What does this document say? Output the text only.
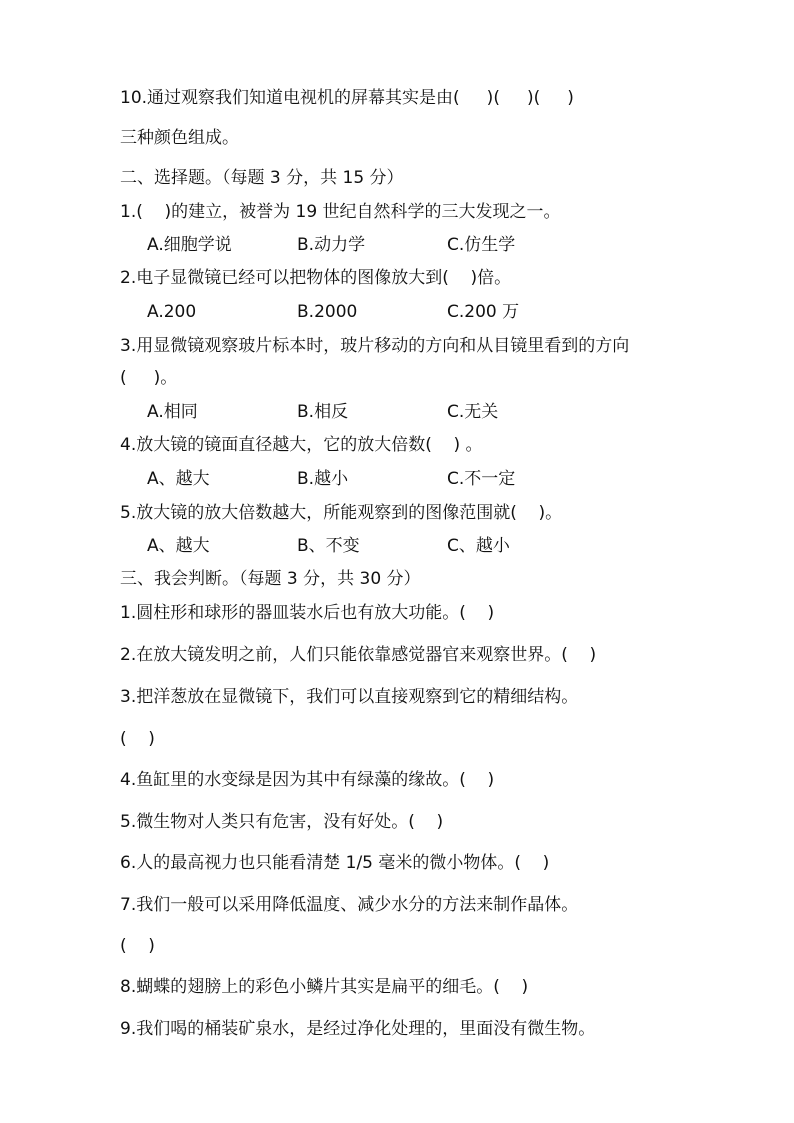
10.通过观察我们知道电视机的屏幕其实是由(     )(     )(     )
三种颜色组成。
二、选择题。（每题 3 分，共 15 分）
1.(    )的建立，被誉为 19 世纪自然科学的三大发现之一。

A.细胞学说

	B.动力学

	C.仿生学

2.电子显微镜已经可以把物体的图像放大到(    )倍。

A.200

	B.2000

	C.200 万

3.用显微镜观察玻片标本时，玻片移动的方向和从目镜里看到的方向
(     )。

A.相同

	B.相反

	C.无关

4.放大镜的镜面直径越大，它的放大倍数(    ) 。

A、越大

	B.越小

	C.不一定

5.放大镜的放大倍数越大，所能观察到的图像范围就(    )。

A、越大

	B、不变

	C、越小

三、我会判断。（每题 3 分，共 30 分）
1.圆柱形和球形的器皿装水后也有放大功能。(    )
2.在放大镜发明之前，人们只能依靠感觉器官来观察世界。(    )
3.把洋葱放在显微镜下，我们可以直接观察到它的精细结构。
(    )
4.鱼缸里的水变绿是因为其中有绿藻的缘故。(    )
5.微生物对人类只有危害，没有好处。(    )
6.人的最高视力也只能看清楚 1/5 毫米的微小物体。(    )
7.我们一般可以采用降低温度、减少水分的方法来制作晶体。
(    )
8.蝴蝶的翅膀上的彩色小鳞片其实是扁平的细毛。(    )
9.我们喝的桶装矿泉水，是经过净化处理的，里面没有微生物。
